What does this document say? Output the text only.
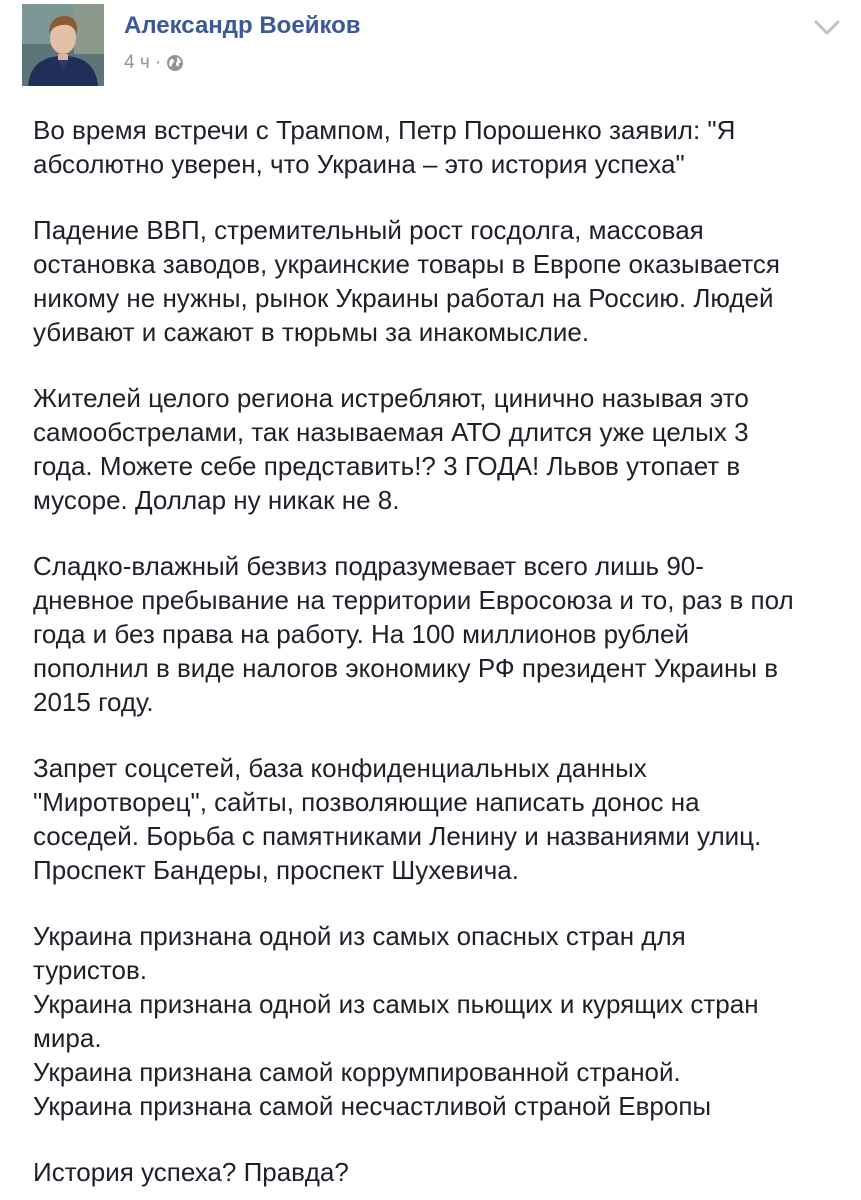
Александр Воейков
4 ч ·
Во время встречи с Трампом, Петр Порошенко заявил: "Я
абсолютно уверен, что Украина – это история успеха"
Падение ВВП, стремительный рост госдолга, массовая
остановка заводов, украинские товары в Европе оказывается
никому не нужны, рынок Украины работал на Россию. Людей
убивают и сажают в тюрьмы за инакомыслие.
Жителей целого региона истребляют, цинично называя это
самообстрелами, так называемая АТО длится уже целых 3
года. Можете себе представить!? 3 ГОДА! Львов утопает в
мусоре. Доллар ну никак не 8.
Сладко-влажный безвиз подразумевает всего лишь 90-
дневное пребывание на территории Евросоюза и то, раз в пол
года и без права на работу. На 100 миллионов рублей
пополнил в виде налогов экономику РФ президент Украины в
2015 году.
Запрет соцсетей, база конфиденциальных данных
"Миротворец", сайты, позволяющие написать донос на
соседей. Борьба с памятниками Ленину и названиями улиц.
Проспект Бандеры, проспект Шухевича.
Украина признана одной из самых опасных стран для
туристов.
Украина признана одной из самых пьющих и курящих стран
мира.
Украина признана самой коррумпированной страной.
Украина признана самой несчастливой страной Европы
История успеха? Правда?
